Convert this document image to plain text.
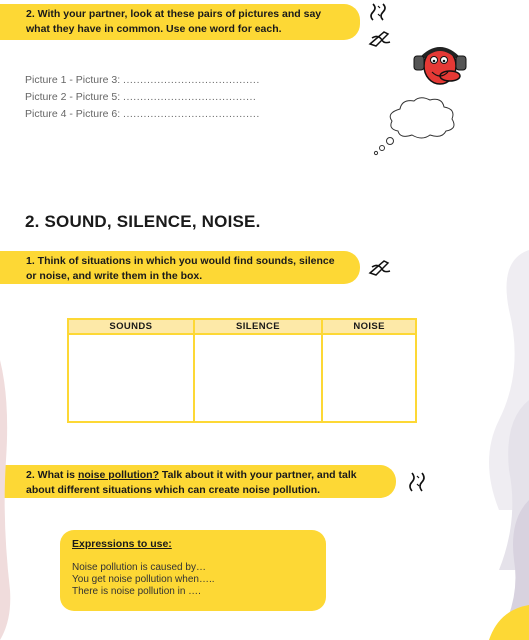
2. With your partner, look at these pairs of pictures and say
what they have in common. Use one word for each.
Picture 1 - Picture 3: ........................................
Picture 2 - Picture 5: .......................................
Picture 4 - Picture 6: ........................................
2. SOUND, SILENCE, NOISE.
1. Think of situations in which you would find sounds, silence
or noise, and write them in the box.
SOUNDS	SILENCE	NOISE

2. What is noise pollution? Talk about it with your partner, and talk
about different situations which can create noise pollution.
Expressions to use:
Noise pollution is caused by…
You get noise pollution when…..
There is noise pollution in ….
